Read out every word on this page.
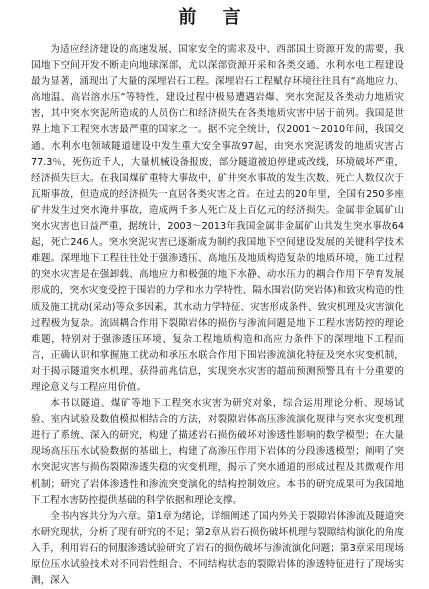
前 言

为适应经济建设的高速发展、国家安全的需求及中、西部国土资源开发的需要，我国地下空间开发不断走向地球深部，尤以深部资源开采和各类交通、水利水电工程建设最为显著，涌现出了大量的深埋岩石工程。深埋岩石工程赋存环境往往具有“高地应力、高地温、高岩溶水压”等特性，建设过程中极易遭遇岩爆、突水突泥及各类动力地质灾害，其中突水突泥所造成的人员伤亡和经济损失在各类地质灾害中居于前列。我国是世界上地下工程突水害最严重的国家之一。据不完全统计，仅2001～2010年间，我国交通、水利水电领域隧道建设中发生重大安全事故97起，由突水突泥诱发的地质灾害占77.3％，死伤近千人，大量机械设备报废，部分隧道被迫停建或改线，环境破坏严重，经济损失巨大。在我国煤矿重特大事故中，矿井突水事故的发生次数、死亡人数仅次于瓦斯事故，但造成的经济损失一直居各类灾害之首。在过去的20年里，全国有250多座矿井发生过突水淹井事故，造成两千多人死亡及上百亿元的经济损失。金属非金属矿山突水灾害也日益严重，据统计，2003～2013年我国金属非金属矿山共发生突水事故64起，死亡246人。突水突泥灾害已逐渐成为制约我国地下空间建设发展的关键科学技术难题。深埋地下工程往往处于强渗透压、高地压及地质构造复杂的地质环境，施工过程的突水灾害是在强卸载、高地应力和极强的地下水静、动水压力的耦合作用下孕育发展形成的，突水灾变受控于围岩的力学和水力学特性、隔水围岩(防突岩体)和致灾构造的性质及施工扰动(采动)等众多因素，其水动力学特征、灾害形成条件、致灾机理及灾害演化过程极为复杂。流固耦合作用下裂隙岩体的损伤与渗流问题是地下工程水害防控的理论难题，特别对于强渗透压环境、复杂工程地质构造和高应力条件下的深埋地下工程而言，正确认识和掌握施工扰动和承压水联合作用下围岩渗流演化特征及突水灾变机制，对于揭示隧道突水机理、获得前兆信息，实现突水灾害的超前预测预警具有十分重要的理论意义与工程应用价值。

本书以隧道、煤矿等地下工程突水灾害为研究对象，综合运用理论分析、现场试验、室内试验及数值模拟相结合的方法，对裂隙岩体高压渗流演化规律与突水灾变机理进行了系统、深入的研究，构建了描述岩石损伤破坏对渗透性影响的数学模型；在大量现场高压压水试验数据的基础上，构建了高渗压作用下岩体的分段渗透模型；阐明了突水突泥灾害与损伤裂隙渗透失稳的灾变机理，揭示了突水通道的形成过程及其微观作用机制；研究了岩体渗透性和渗流突变演化的结构控制效应。本书的研究成果可为我国地下工程水害防控提供基础的科学依据和理论支撑。

全书内容共分为六章。第1章为绪论，详细阐述了国内外关于裂隙岩体渗流及隧道突水研究现状，分析了现有研究的不足；第2章从岩石损伤破坏机理与裂隙结构演化的角度入手，利用岩石的伺服渗透试验研究了岩石的损伤破坏与渗流演化问题；第3章采用现场原位压水试验技术对不同岩性组合、不同结构状态的裂隙岩体的渗透特征进行了现场实测，深入
